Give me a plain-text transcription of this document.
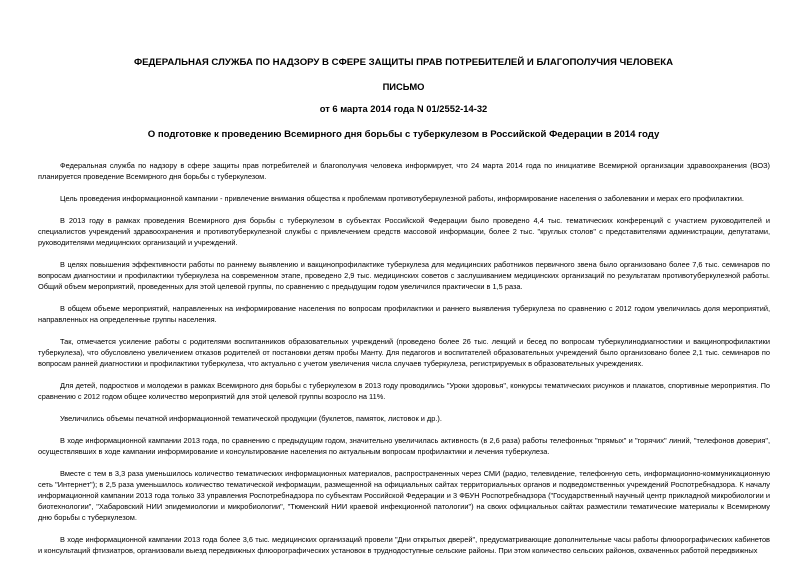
ФЕДЕРАЛЬНАЯ СЛУЖБА ПО НАДЗОРУ В СФЕРЕ ЗАЩИТЫ ПРАВ ПОТРЕБИТЕЛЕЙ И БЛАГОПОЛУЧИЯ ЧЕЛОВЕКА
ПИСЬМО
от 6 марта 2014 года N 01/2552-14-32
О подготовке к проведению Всемирного дня борьбы с туберкулезом в Российской Федерации в 2014 году

Федеральная служба по надзору в сфере защиты прав потребителей и благополучия человека информирует, что 24 марта 2014 года по инициативе Всемирной организации здравоохранения (ВОЗ) планируется проведение Всемирного дня борьбы с туберкулезом.

Цель проведения информационной кампании - привлечение внимания общества к проблемам противотуберкулезной работы, информирование населения о заболевании и мерах его профилактики.

В 2013 году в рамках проведения Всемирного дня борьбы с туберкулезом в субъектах Российской Федерации было проведено 4,4 тыс. тематических конференций с участием руководителей и специалистов учреждений здравоохранения и противотуберкулезной службы с привлечением средств массовой информации, более 2 тыс. "круглых столов" с представителями администрации, депутатами, руководителями медицинских организаций и учреждений.

В целях повышения эффективности работы по раннему выявлению и вакцинопрофилактике туберкулеза для медицинских работников первичного звена было организовано более 7,6 тыс. семинаров по вопросам диагностики и профилактики туберкулеза на современном этапе, проведено 2,9 тыс. медицинских советов с заслушиванием медицинских организаций по результатам противотуберкулезной работы. Общий объем мероприятий, проведенных для этой целевой группы, по сравнению с предыдущим годом увеличился практически в 1,5 раза.

В общем объеме мероприятий, направленных на информирование населения по вопросам профилактики и раннего выявления туберкулеза по сравнению с 2012 годом увеличилась доля мероприятий, направленных на определенные группы населения.

Так, отмечается усиление работы с родителями воспитанников образовательных учреждений (проведено более 26 тыс. лекций и бесед по вопросам туберкулинодиагностики и вакцинопрофилактики туберкулеза), что обусловлено увеличением отказов родителей от постановки детям пробы Манту. Для педагогов и воспитателей образовательных учреждений было организовано более 2,1 тыс. семинаров по вопросам ранней диагностики и профилактики туберкулеза, что актуально с учетом увеличения числа случаев туберкулеза, регистрируемых в образовательных учреждениях.

Для детей, подростков и молодежи в рамках Всемирного дня борьбы с туберкулезом в 2013 году проводились "Уроки здоровья", конкурсы тематических рисунков и плакатов, спортивные мероприятия. По сравнению с 2012 годом общее количество мероприятий для этой целевой группы возросло на 11%.

Увеличились объемы печатной информационной тематической продукции (буклетов, памяток, листовок и др.).

В ходе информационной кампании 2013 года, по сравнению с предыдущим годом, значительно увеличилась активность (в 2,6 раза) работы телефонных "прямых" и "горячих" линий, "телефонов доверия", осуществлявших в ходе кампании информирование и консультирование населения по актуальным вопросам профилактики и лечения туберкулеза.

Вместе с тем в 3,3 раза уменьшилось количество тематических информационных материалов, распространенных через СМИ (радио, телевидение, телефонную сеть, информационно-коммуникационную сеть "Интернет"); в 2,5 раза уменьшилось количество тематической информации, размещенной на официальных сайтах территориальных органов и подведомственных учреждений Роспотребнадзора. К началу информационной кампании 2013 года только 33 управления Роспотребнадзора по субъектам Российской Федерации и 3 ФБУН Роспотребнадзора ("Государственный научный центр прикладной микробиологии и биотехнологии", "Хабаровский НИИ эпидемиологии и микробиологии", "Тюменский НИИ краевой инфекционной патологии") на своих официальных сайтах разместили тематические материалы к Всемирному дню борьбы с туберкулезом.

В ходе информационной кампании 2013 года более 3,6 тыс. медицинских организаций провели "Дни открытых дверей", предусматривающие дополнительные часы работы флюорографических кабинетов и консультаций фтизиатров, организовали выезд передвижных флюорографических установок в труднодоступные сельские районы. При этом количество сельских районов, охваченных работой передвижных
